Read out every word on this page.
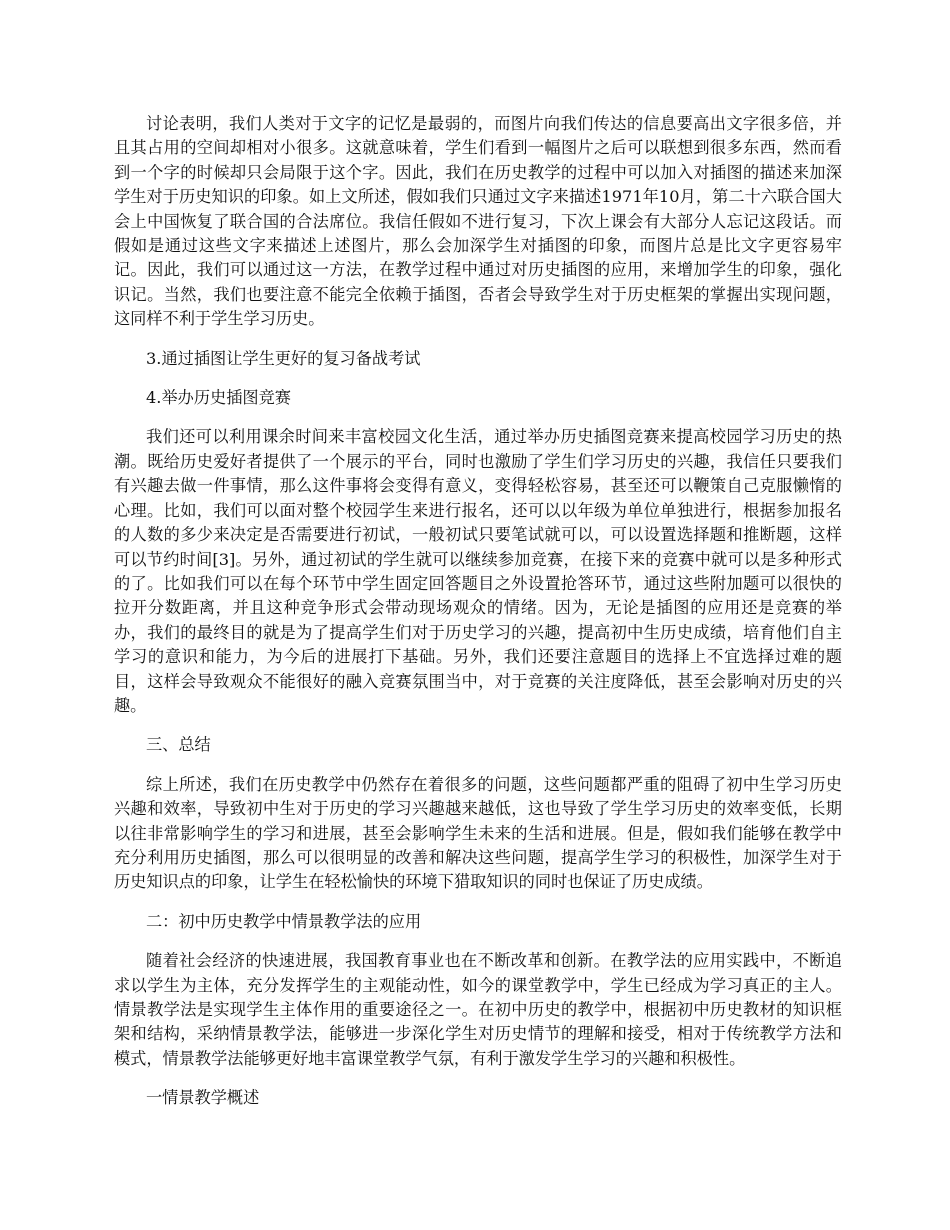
讨论表明，我们人类对于文字的记忆是最弱的，而图片向我们传达的信息要高出文字很多倍，并且其占用的空间却相对小很多。这就意味着，学生们看到一幅图片之后可以联想到很多东西，然而看到一个字的时候却只会局限于这个字。因此，我们在历史教学的过程中可以加入对插图的描述来加深学生对于历史知识的印象。如上文所述，假如我们只通过文字来描述1971年10月，第二十六联合国大会上中国恢复了联合国的合法席位。我信任假如不进行复习，下次上课会有大部分人忘记这段话。而假如是通过这些文字来描述上述图片，那么会加深学生对插图的印象，而图片总是比文字更容易牢记。因此，我们可以通过这一方法，在教学过程中通过对历史插图的应用，来增加学生的印象，强化识记。当然，我们也要注意不能完全依赖于插图，否者会导致学生对于历史框架的掌握出实现问题，这同样不利于学生学习历史。

3.通过插图让学生更好的复习备战考试

4.举办历史插图竞赛

我们还可以利用课余时间来丰富校园文化生活，通过举办历史插图竞赛来提高校园学习历史的热潮。既给历史爱好者提供了一个展示的平台，同时也激励了学生们学习历史的兴趣，我信任只要我们有兴趣去做一件事情，那么这件事将会变得有意义，变得轻松容易，甚至还可以鞭策自己克服懒惰的心理。比如，我们可以面对整个校园学生来进行报名，还可以以年级为单位单独进行，根据参加报名的人数的多少来决定是否需要进行初试，一般初试只要笔试就可以，可以设置选择题和推断题，这样可以节约时间[3]。另外，通过初试的学生就可以继续参加竞赛，在接下来的竞赛中就可以是多种形式的了。比如我们可以在每个环节中学生固定回答题目之外设置抢答环节，通过这些附加题可以很快的拉开分数距离，并且这种竞争形式会带动现场观众的情绪。因为，无论是插图的应用还是竞赛的举办，我们的最终目的就是为了提高学生们对于历史学习的兴趣，提高初中生历史成绩，培育他们自主学习的意识和能力，为今后的进展打下基础。另外，我们还要注意题目的选择上不宜选择过难的题目，这样会导致观众不能很好的融入竞赛氛围当中，对于竞赛的关注度降低，甚至会影响对历史的兴趣。

三、总结

综上所述，我们在历史教学中仍然存在着很多的问题，这些问题都严重的阻碍了初中生学习历史兴趣和效率，导致初中生对于历史的学习兴趣越来越低，这也导致了学生学习历史的效率变低，长期以往非常影响学生的学习和进展，甚至会影响学生未来的生活和进展。但是，假如我们能够在教学中充分利用历史插图，那么可以很明显的改善和解决这些问题，提高学生学习的积极性，加深学生对于历史知识点的印象，让学生在轻松愉快的环境下猎取知识的同时也保证了历史成绩。

二：初中历史教学中情景教学法的应用

随着社会经济的快速进展，我国教育事业也在不断改革和创新。在教学法的应用实践中，不断追求以学生为主体，充分发挥学生的主观能动性，如今的课堂教学中，学生已经成为学习真正的主人。情景教学法是实现学生主体作用的重要途径之一。在初中历史的教学中，根据初中历史教材的知识框架和结构，采纳情景教学法，能够进一步深化学生对历史情节的理解和接受，相对于传统教学方法和模式，情景教学法能够更好地丰富课堂教学气氛，有利于激发学生学习的兴趣和积极性。

一情景教学概述
